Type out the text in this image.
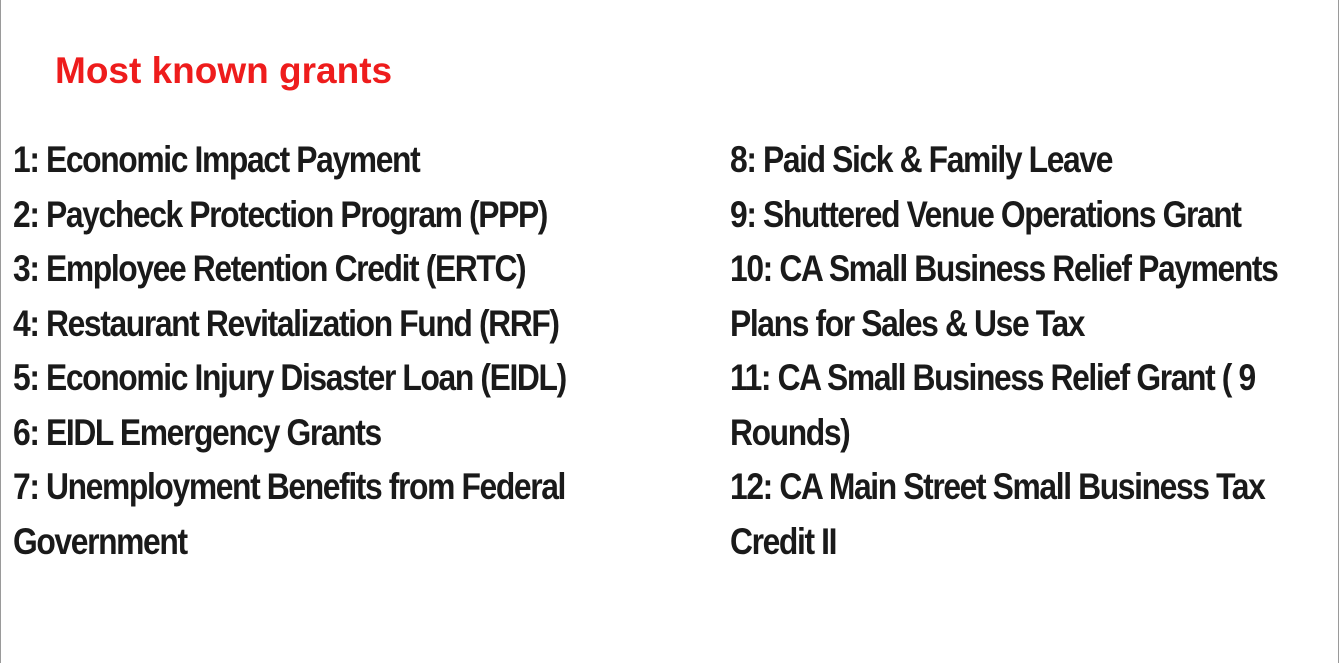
Most known grants
1: Economic Impact Payment
2: Paycheck Protection Program (PPP)
3: Employee Retention Credit (ERTC)
4: Restaurant Revitalization Fund (RRF)
5: Economic Injury Disaster Loan (EIDL)
6: EIDL Emergency Grants
7: Unemployment Benefits from Federal Government
8: Paid Sick & Family Leave
9: Shuttered Venue Operations Grant
10: CA Small Business Relief Payments Plans for Sales & Use Tax
11: CA Small Business Relief Grant ( 9 Rounds)
12: CA Main Street Small Business Tax Credit II
